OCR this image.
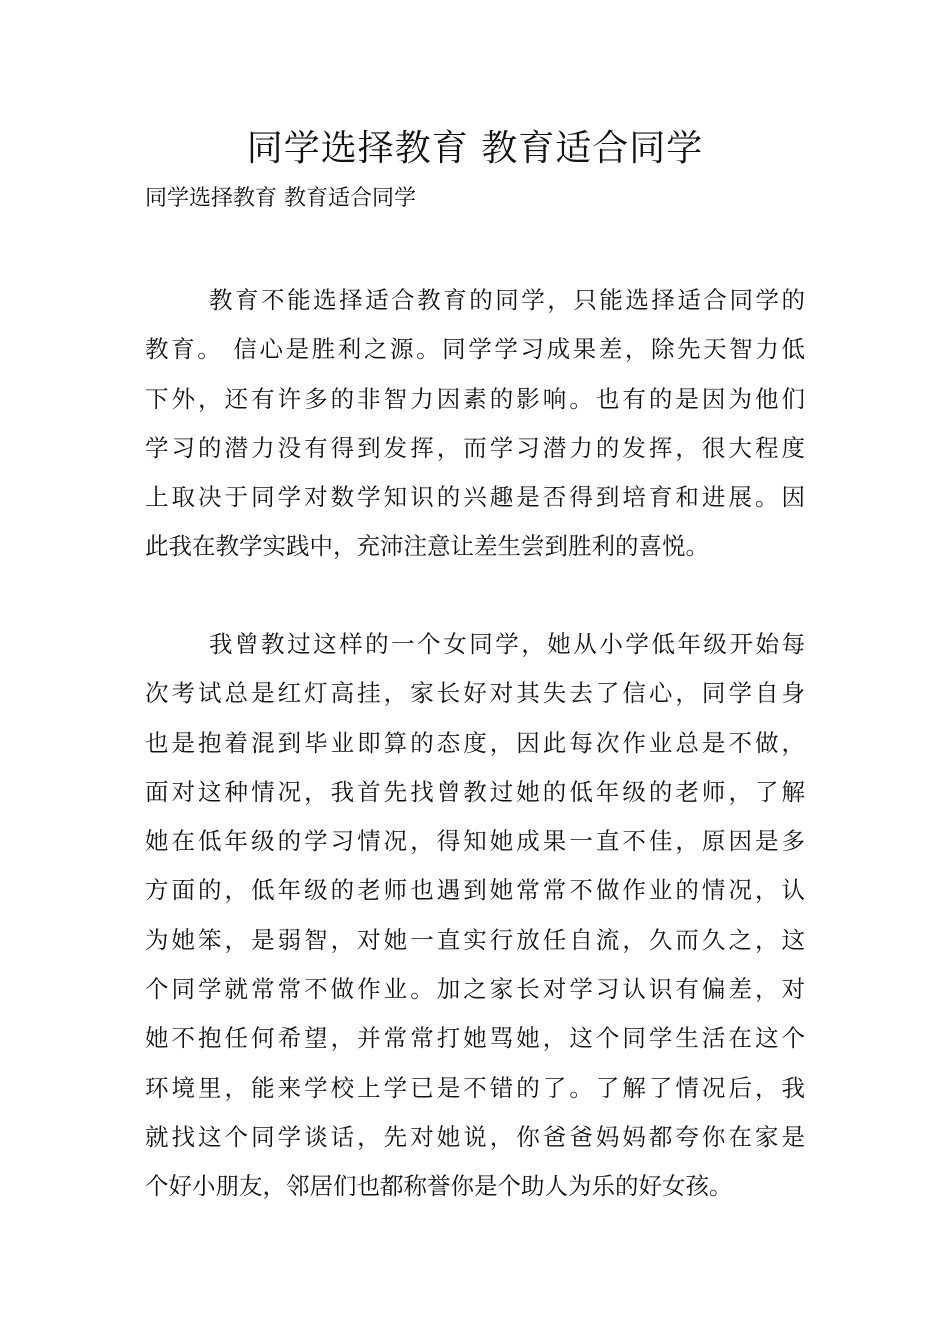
同学选择教育 教育适合同学

同学选择教育 教育适合同学

教育不能选择适合教育的同学，只能选择适合同学的
教育。 信心是胜利之源。同学学习成果差，除先天智力低
下外，还有许多的非智力因素的影响。也有的是因为他们
学习的潜力没有得到发挥，而学习潜力的发挥，很大程度
上取决于同学对数学知识的兴趣是否得到培育和进展。因
此我在教学实践中，充沛注意让差生尝到胜利的喜悦。
我曾教过这样的一个女同学，她从小学低年级开始每
次考试总是红灯高挂，家长好对其失去了信心，同学自身
也是抱着混到毕业即算的态度，因此每次作业总是不做，
面对这种情况，我首先找曾教过她的低年级的老师，了解
她在低年级的学习情况，得知她成果一直不佳，原因是多
方面的，低年级的老师也遇到她常常不做作业的情况，认
为她笨，是弱智，对她一直实行放任自流，久而久之，这
个同学就常常不做作业。加之家长对学习认识有偏差，对
她不抱任何希望，并常常打她骂她，这个同学生活在这个
环境里，能来学校上学已是不错的了。了解了情况后，我
就找这个同学谈话，先对她说，你爸爸妈妈都夸你在家是
个好小朋友，邻居们也都称誉你是个助人为乐的好女孩。
